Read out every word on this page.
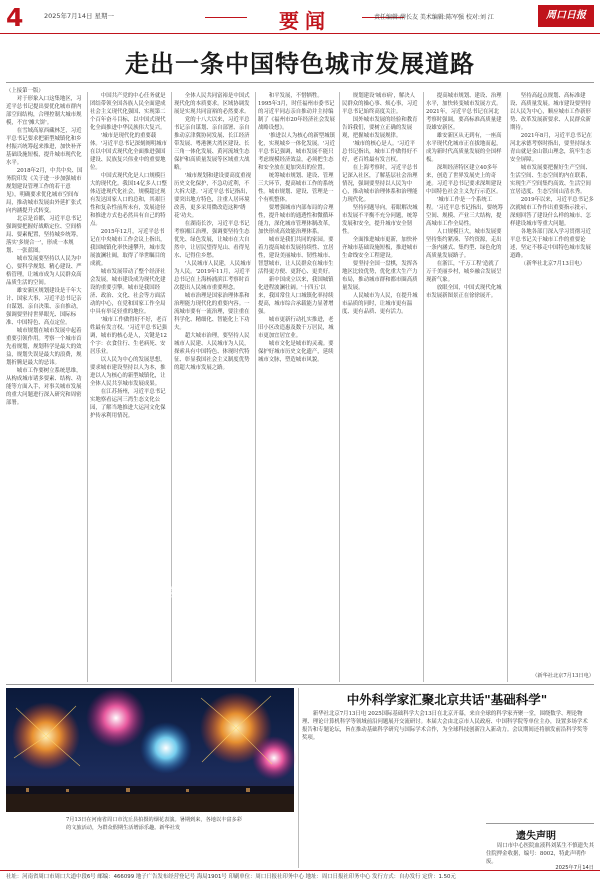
4	2025年7月14日 星期一	要闻	责任编辑:薛长友 美术编辑:陈军强 校对:刘 江	周口日报
走出一条中国特色城市发展道路
（上接第一版）

对于形象入口这集地区，习近平总书记提出要优化城市群内部空间结构，合理控制大城市规模，不宜'摊大饼'。

在雪域高原西藏林芝，习近平总书记要求把新型城镇化和乡村振兴统筹起来推进，加快补齐基础设施短板，提升城市现代化水平。

2018年2月，中共中央、国务院印发《关于进一步加强城市规划建设管理工作的若干意见》，明确要求优化城市空间布局，推动城市发展由外延扩张式向内涵提升式转变。

北京是首都，习近平总书记强调要把握好战略定位、空间格局、要素配置，坚持城乡统筹，落实'多规合一'，形成一本规划、一张蓝图。

城市发展要坚持以人民为中心，要科学规划、精心建设、严格管理，让城市成为人民群众高品质生活的空间。

雄安新区规划建设是千年大计、国家大事，习近平总书记亲自谋划、亲自决策、亲自推动，强调要坚持世界眼光、国际标准、中国特色、高点定位。

城市规划在城市发展中起着重要引领作用。考察一个城市首先看规划，规划科学是最大的效益，规划失误是最大的浪费，规划折腾是最大的忌讳。

城市工作要树立系统思维，从构成城市诸多要素、结构、功能等方面入手，对事关城市发展的重大问题进行深入研究和周密部署。

中国共产党的中心任务就是团结带领全国各族人民全面建成社会主义现代化强国、实现第二个百年奋斗目标，以中国式现代化全面推进中华民族伟大复兴。

'城市是现代化的重要载体。'习近平总书记深刻阐明城市在以中国式现代化全面推进强国建设、民族复兴伟业中的重要地位。

中国式现代化是人口规模巨大的现代化。我国14亿多人口整体迈进现代化社会，规模超过现有发达国家人口的总和，其艰巨性和复杂性前所未有，发展途径和推进方式也必然具有自己的特点。

2015年12月，习近平总书记在中央城市工作会议上指出，我国城镇化率快速攀升，城市发展波澜壮阔，取得了举世瞩目的成就。

城市发展带动了整个经济社会发展，城市建设成为现代化建设的重要引擎。城市是我国经济、政治、文化、社会等方面活动的中心，在党和国家工作全局中具有举足轻重的地位。

'城市工作做得好不好，老百姓最有发言权。'习近平总书记强调，城市的核心是人，关键是12个字：衣食住行、生老病死、安居乐业。

以人民为中心的发展思想，要求城市建设坚持以人为本，推进以人为核心的新型城镇化，让全体人民共享城市发展成果。

在江苏扬州，习近平总书记实地察看运河三湾生态文化公园，了解当地推进大运河文化保护传承利用情况。

全体人民共同富裕是中国式现代化的本质要求。区域协调发展是实现共同富裕的必然要求。

党的十八大以来，习近平总书记亲自谋划、亲自部署、亲自推动京津冀协同发展、长江经济带发展、粤港澳大湾区建设、长三角一体化发展、黄河流域生态保护和高质量发展等区域重大战略。

'城市规划和建设要高度重视历史文化保护，不急功近利，不大拆大建。'习近平总书记指出，要突出地方特色，注重人居环境改善，更多采用微改造这种'绣花'功夫。

在湖南长沙，习近平总书记考察湘江治理，强调要坚持生态优先、绿色发展，让城市在大自然中，让居民望得见山、看得见水、记得住乡愁。

'人民城市人民建，人民城市为人民。'2019年11月，习近平总书记在上海杨浦滨江考察时首次提出人民城市重要理念。

城市治理是国家治理体系和治理能力现代化的重要内容。一流城市要有一流治理，要注重在科学化、精细化、智能化上下功夫。

超大城市治理，要坚持人民城市人民建、人民城市为人民，探索具有中国特色、体现时代特征、彰显我国社会主义制度优势的超大城市发展之路。

和平发展，不惜牺牲。1995年3月，时任福州市委书记的习近平同志亲自推动并主持编制了《福州市20年经济社会发展战略设想》。

'推进以人为核心的新型城镇化，实现城乡一体化发展。'习近平总书记强调，城市发展不能只考虑规模经济效益，必须把生态和安全放在更加突出的位置。

统筹城市规划、建设、管理三大环节，提高城市工作的系统性。城市规划、建设、管理是一个有机整体。

要增强城市内部布局的合理性，提升城市的通透性和微循环能力，深化城市管理体制改革，加快形成高效能治理体系。

城市是我们共同的家园。要着力提高城市发展持续性、宜居性，建设美丽城市、韧性城市、智慧城市，让人民群众在城市生活得更方便、更舒心、更美好。

新中国成立以来，我国城镇化进程波澜壮阔。'十四五'以来，我国常住人口城镇化率持续提高，城市综合承载能力显著增强。

城市更新行动扎实推进，老旧小区改造惠及数千万居民，城市更加宜居宜业。

城市文化是城市的灵魂。要保护好城市历史文化遗产，延续城市文脉，塑造城市风貌。

规划建设'城市病'，解决人民群众的操心事、烦心事，习近平总书记始终高度关注。

国外城市发展的经验和教育告诉我们，要树立正确的发展观，把握城市发展规律。

'城市的核心是人。'习近平总书记指出，城市工作做得好不好，老百姓最有发言权。

在上海考察时，习近平总书记深入社区，了解基层社会治理情况，强调要坚持以人民为中心，推动城市治理体系和治理能力现代化。

坚持问题导向，着眼解决城市发展不平衡不充分问题，统筹发展和安全，提升城市安全韧性。

全面推进城市更新，加快补齐城市基础设施短板，推进城市生命线安全工程建设。

要坚持全国一盘棋，发挥各地区比较优势，优化重大生产力布局，推动城市群和都市圈高质量发展。

人民城市为人民，在提升城市品质的同时，让城市更有温度、更有品质、更有活力。

提高城市规划、建设、治理水平，加快转变城市发展方式。2021年，习近平总书记在河北考察时强调，要高标准高质量建设雄安新区。

雄安新区从无到有，一座高水平现代化城市正在拔地而起，成为新时代高质量发展的全国样板。

深圳经济特区建立40多年来，创造了世界发展史上的奇迹。习近平总书记要求深圳建设中国特色社会主义先行示范区。

'城市工作是一个系统工程。'习近平总书记指出，要统筹空间、规模、产业三大结构，提高城市工作全局性。

人口规模巨大，城市发展要坚持集约紧凑、节约资源，走出一条内涵式、集约型、绿色化的高质量发展路子。

在浙江，'千万工程'造就了万千美丽乡村，城乡融合发展呈现新气象。

放眼全国，中国式现代化城市发展新图景正在徐徐展开。

坚持高起点规划、高标准建设、高质量发展。城市建设要坚持以人民为中心，顺应城市工作新形势、改革发展新要求、人民群众新期待。

2021年8月，习近平总书记在河北承德考察时指出，要坚持绿水青山就是金山银山理念，筑牢生态安全屏障。

城市发展要把握好生产空间、生活空间、生态空间的内在联系，实现生产空间集约高效、生活空间宜居适度、生态空间山清水秀。

2019年以来，习近平总书记多次就城市工作作出重要指示批示，深刻回答了建设什么样的城市、怎样建设城市等重大问题。

各地各部门深入学习贯彻习近平总书记关于城市工作的重要论述，坚定不移走中国特色城市发展道路。

（新华社北京7月13日电）

（新华社北京7月13日电）
盛夏假日赏烟花
7月13日在河南省周口市沈丘县拍摄的烟花表演。暑期到来，各地以丰富多彩的文旅活动，为群众假期生活增添乐趣。新华社发
中外科学家汇聚北京共话"基础科学"

新华社北京7月13日电 2025国际基础科学大会13日在北京开幕，来自全球的科学家齐聚一堂，围绕数学、理论物理、理论计算机科学等领域前沿问题展开交流研讨。本届大会由北京市人民政府、中国科学院等单位主办，设置多场学术报告和专题论坛，旨在推动基础科学研究与国际学术合作，为全球科技创新注入新动力。会议期间还将颁发前沿科学奖等奖项。

遗失声明

周口市中心医院血液科刘某生不慎遗失其住院押金收据，编号：8002，特此声明作废。

2025年7月14日
社址：河南省周口市周口大道中段6号 邮编：466099 地子广告发布经营登记号 海局1901号 印刷单位：周口日报社印务中心 地址：周口日报社印务中心 发行方式：自办发行 定价：1.50元
